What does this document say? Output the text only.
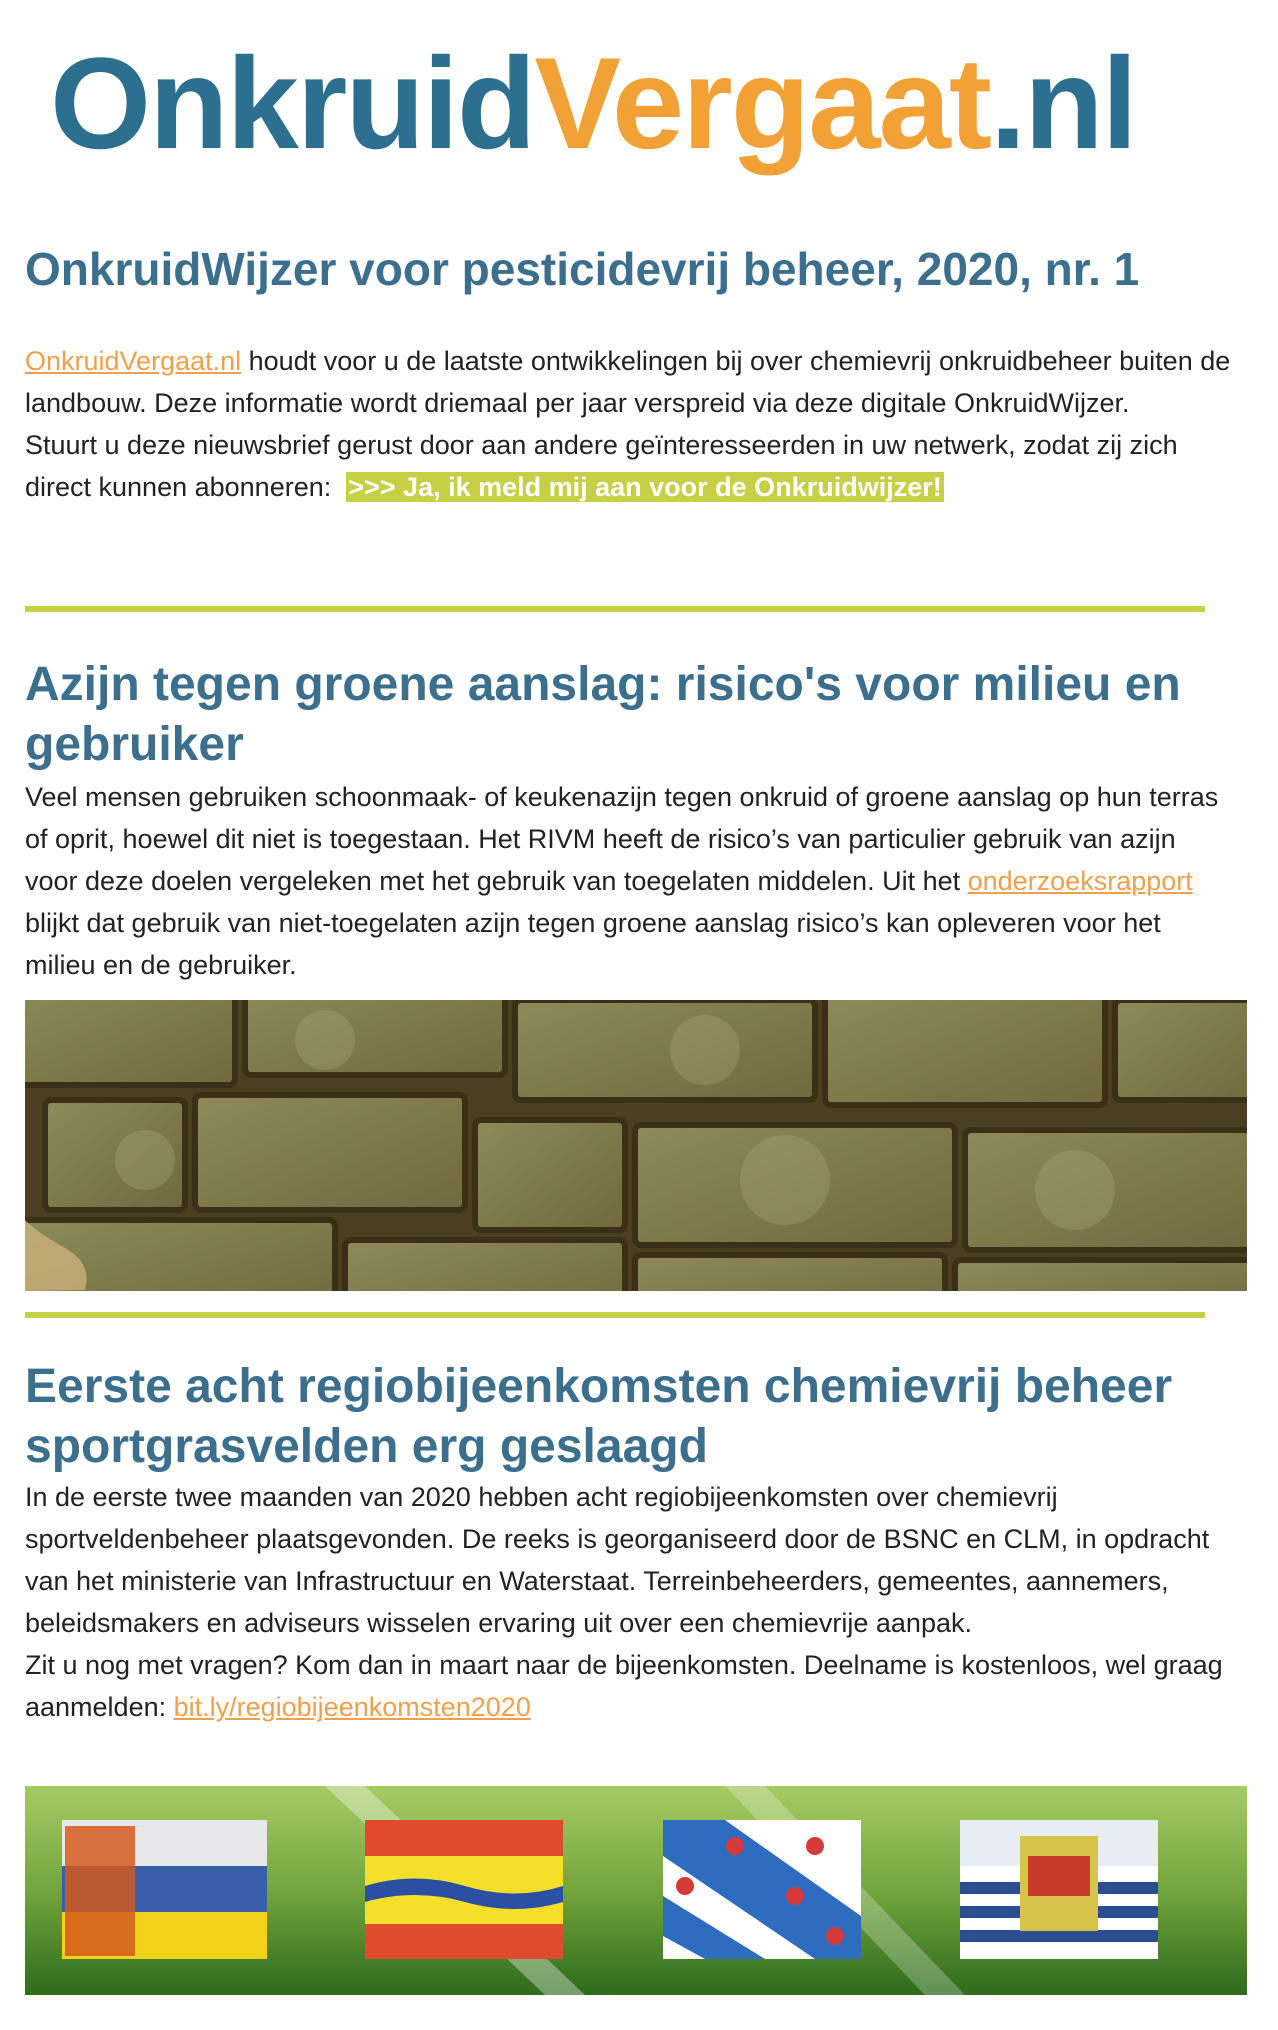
OnkruidVergaat.nl
OnkruidWijzer voor pesticidevrij beheer, 2020, nr. 1
OnkruidVergaat.nl houdt voor u de laatste ontwikkelingen bij over chemievrij onkruidbeheer buiten de landbouw. Deze informatie wordt driemaal per jaar verspreid via deze digitale OnkruidWijzer.
Stuurt u deze nieuwsbrief gerust door aan andere geïnteresseerden in uw netwerk, zodat zij zich direct kunnen abonneren: >>> Ja, ik meld mij aan voor de Onkruidwijzer!
Azijn tegen groene aanslag: risico's voor milieu en gebruiker
Veel mensen gebruiken schoonmaak- of keukenazijn tegen onkruid of groene aanslag op hun terras of oprit, hoewel dit niet is toegestaan. Het RIVM heeft de risico’s van particulier gebruik van azijn voor deze doelen vergeleken met het gebruik van toegelaten middelen. Uit het onderzoeksrapport blijkt dat gebruik van niet-toegelaten azijn tegen groene aanslag risico’s kan opleveren voor het milieu en de gebruiker.
Eerste acht regiobijeenkomsten chemievrij beheer sportgrasvelden erg geslaagd
In de eerste twee maanden van 2020 hebben acht regiobijeenkomsten over chemievrij sportveldenbeheer plaatsgevonden. De reeks is georganiseerd door de BSNC en CLM, in opdracht van het ministerie van Infrastructuur en Waterstaat. Terreinbeheerders, gemeentes, aannemers, beleidsmakers en adviseurs wisselen ervaring uit over een chemievrije aanpak.
Zit u nog met vragen? Kom dan in maart naar de bijeenkomsten. Deelname is kostenloos, wel graag aanmelden: bit.ly/regiobijeenkomsten2020
